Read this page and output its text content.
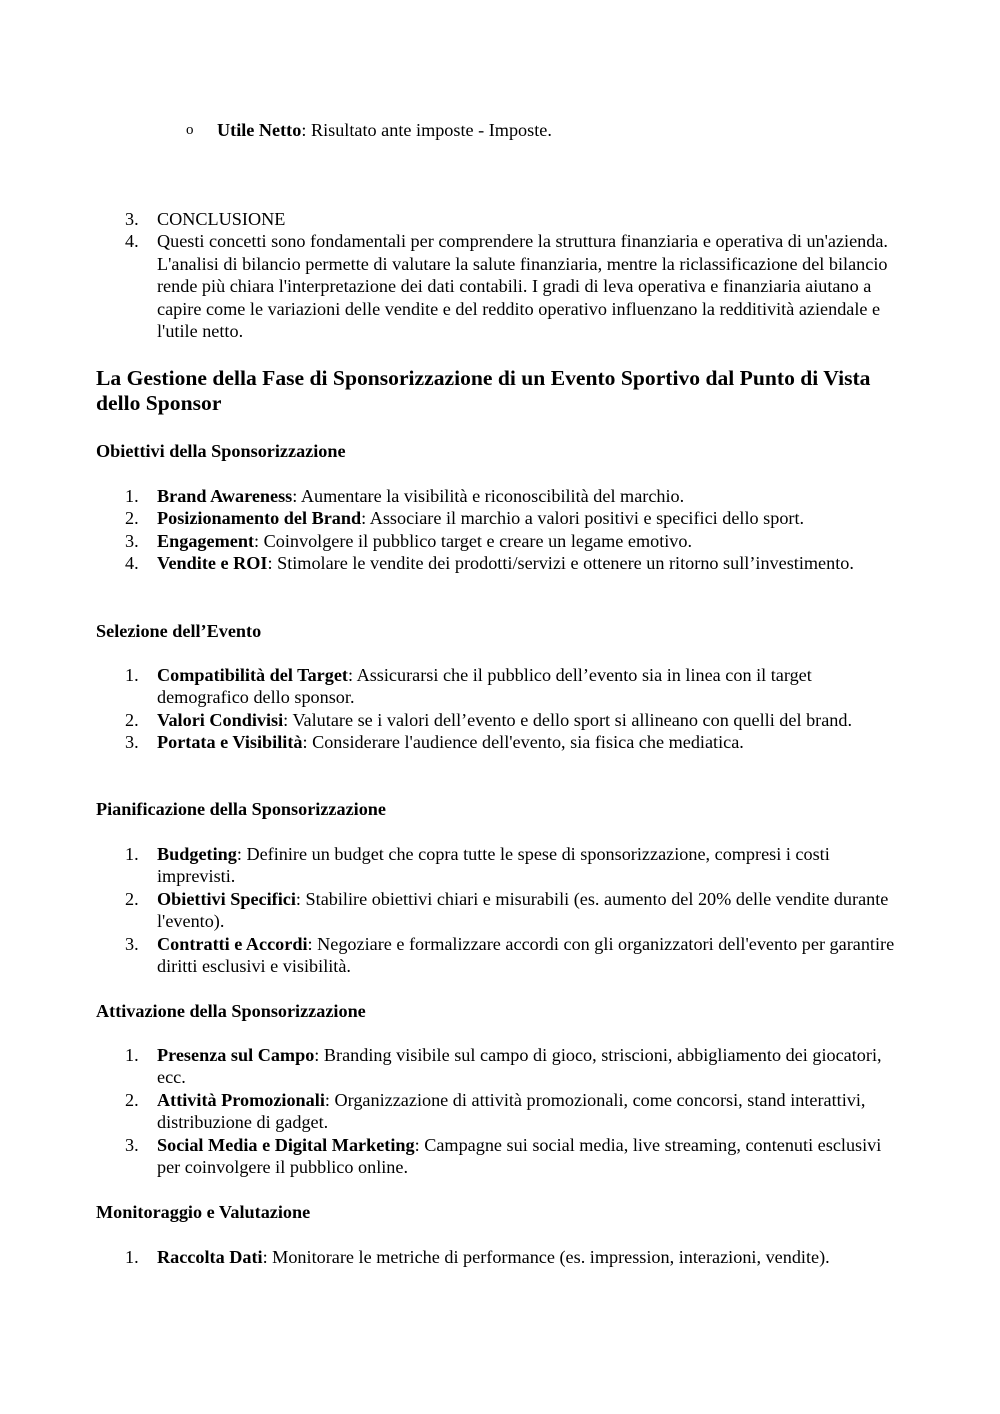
o Utile Netto: Risultato ante imposte - Imposte.
3. CONCLUSIONE
4. Questi concetti sono fondamentali per comprendere la struttura finanziaria e operativa di un'azienda. L'analisi di bilancio permette di valutare la salute finanziaria, mentre la riclassificazione del bilancio rende più chiara l'interpretazione dei dati contabili. I gradi di leva operativa e finanziaria aiutano a capire come le variazioni delle vendite e del reddito operativo influenzano la redditività aziendale e l'utile netto.
La Gestione della Fase di Sponsorizzazione di un Evento Sportivo dal Punto di Vista dello Sponsor
Obiettivi della Sponsorizzazione
1. Brand Awareness: Aumentare la visibilità e riconoscibilità del marchio.
2. Posizionamento del Brand: Associare il marchio a valori positivi e specifici dello sport.
3. Engagement: Coinvolgere il pubblico target e creare un legame emotivo.
4. Vendite e ROI: Stimolare le vendite dei prodotti/servizi e ottenere un ritorno sull’investimento.
Selezione dell’Evento
1. Compatibilità del Target: Assicurarsi che il pubblico dell’evento sia in linea con il target demografico dello sponsor.
2. Valori Condivisi: Valutare se i valori dell’evento e dello sport si allineano con quelli del brand.
3. Portata e Visibilità: Considerare l'audience dell'evento, sia fisica che mediatica.
Pianificazione della Sponsorizzazione
1. Budgeting: Definire un budget che copra tutte le spese di sponsorizzazione, compresi i costi imprevisti.
2. Obiettivi Specifici: Stabilire obiettivi chiari e misurabili (es. aumento del 20% delle vendite durante l'evento).
3. Contratti e Accordi: Negoziare e formalizzare accordi con gli organizzatori dell'evento per garantire diritti esclusivi e visibilità.
Attivazione della Sponsorizzazione
1. Presenza sul Campo: Branding visibile sul campo di gioco, striscioni, abbigliamento dei giocatori, ecc.
2. Attività Promozionali: Organizzazione di attività promozionali, come concorsi, stand interattivi, distribuzione di gadget.
3. Social Media e Digital Marketing: Campagne sui social media, live streaming, contenuti esclusivi per coinvolgere il pubblico online.
Monitoraggio e Valutazione
1. Raccolta Dati: Monitorare le metriche di performance (es. impression, interazioni, vendite).
